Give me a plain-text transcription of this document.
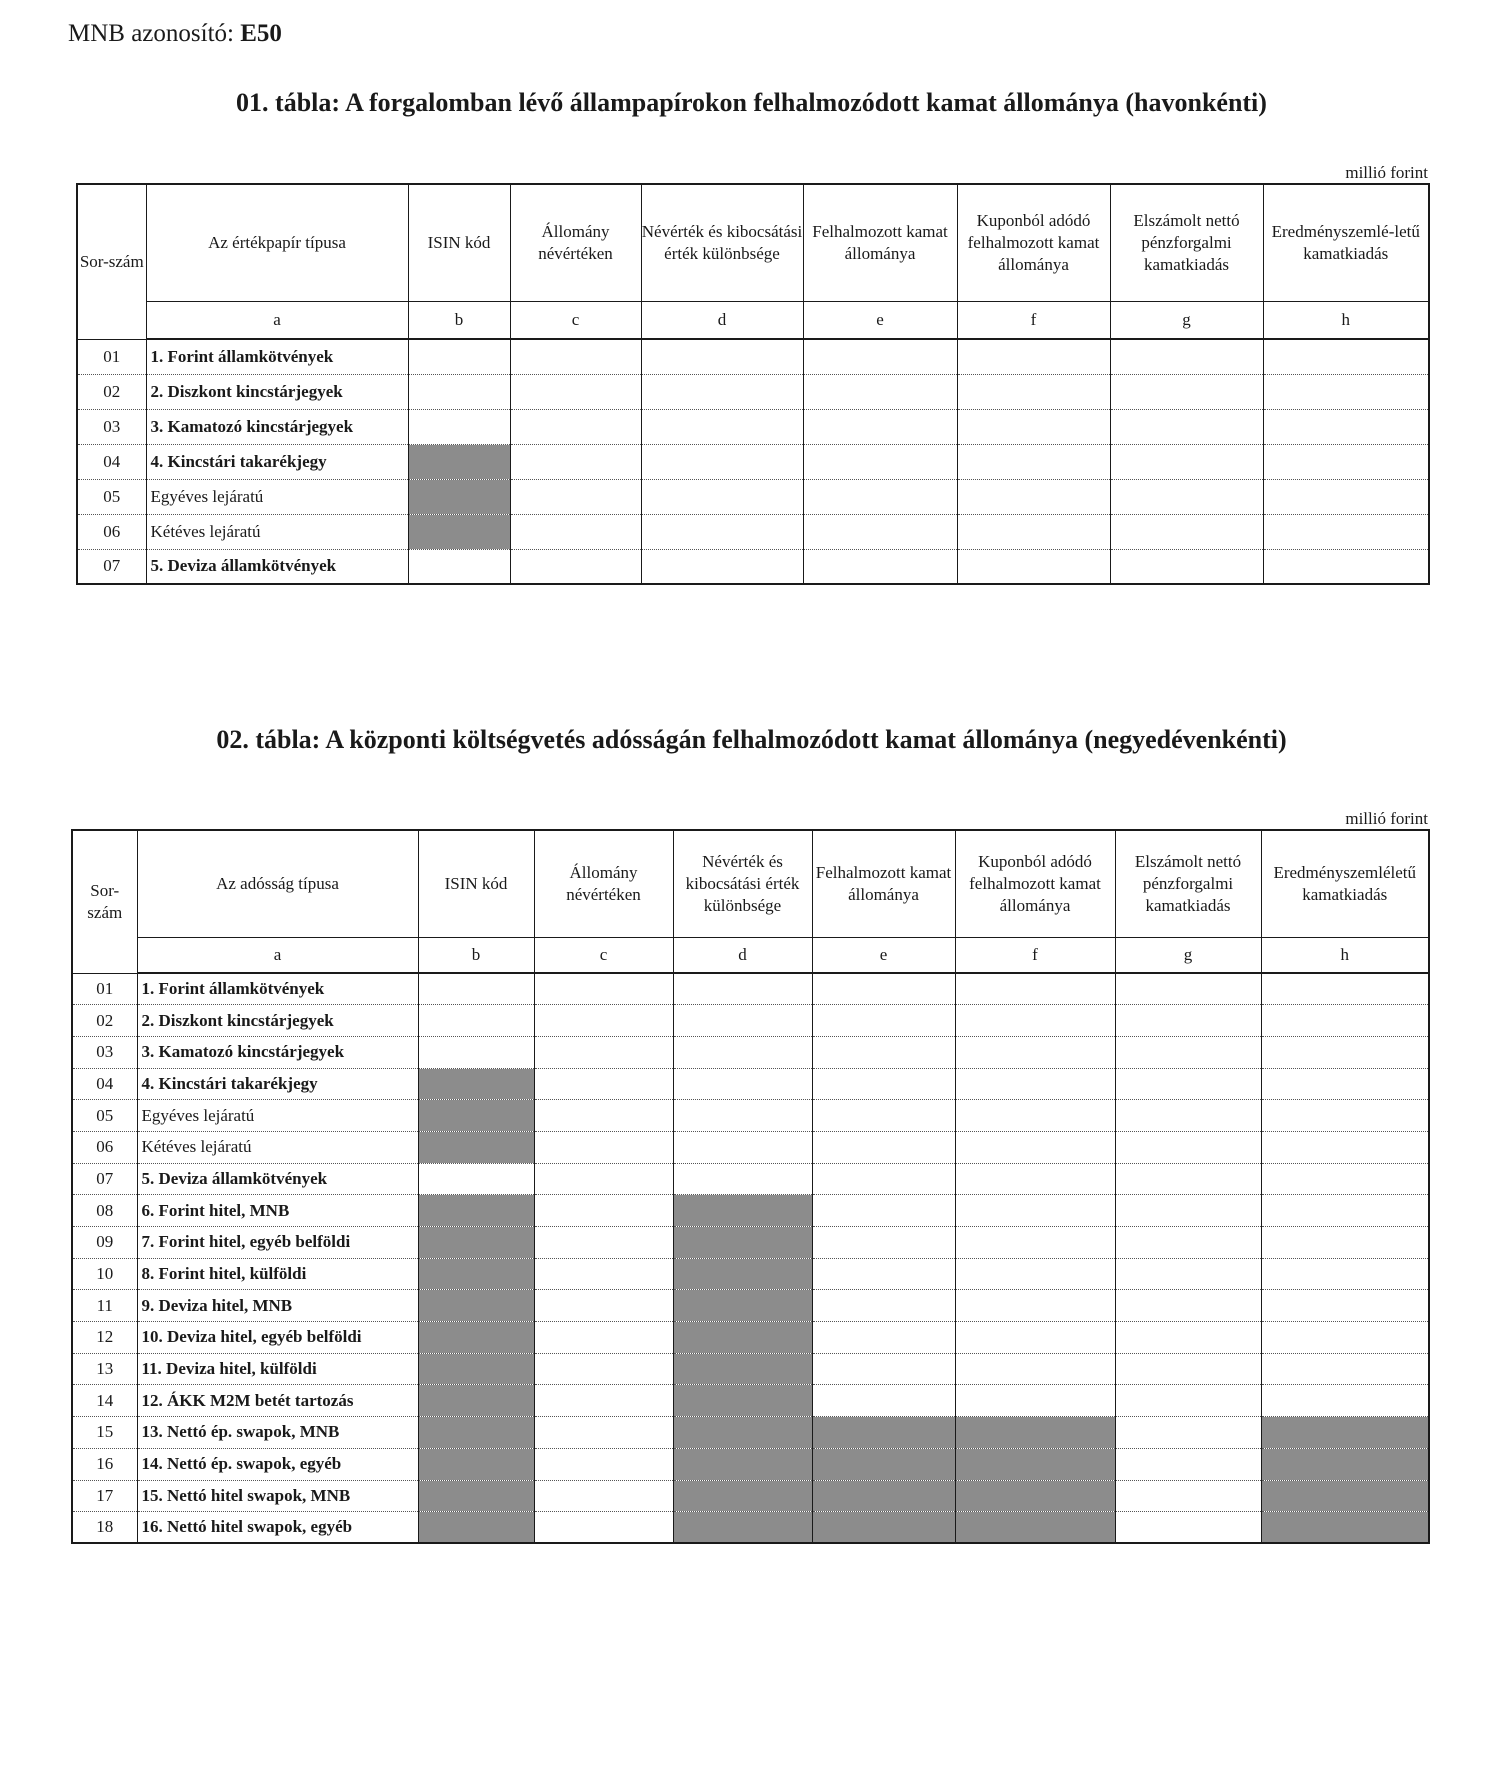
MNB azonosító: E50
01. tábla: A forgalomban lévő állampapírokon felhalmozódott kamat állománya (havonkénti)
millió forint
Sor-szám	Az értékpapír típusa	ISIN kód	Állomány névértéken	Névérték és kibocsátási érték különbsége	Felhalmozott kamat állománya	Kuponból adódó felhalmozott kamat állománya	Elszámolt nettó pénzforgalmi kamatkiadás	Eredményszemlé-letű kamatkiadás
	a	b	c	d	e	f	g	h
01	1. Forint államkötvények							
02	2. Diszkont kincstárjegyek							
03	3. Kamatozó kincstárjegyek							
04	4. Kincstári takarékjegy							
05	Egyéves lejáratú							
06	Kétéves lejáratú							
07	5. Deviza államkötvények							
02. tábla: A központi költségvetés adósságán felhalmozódott kamat állománya (negyedévenkénti)
millió forint
Sor-szám	Az adósság típusa	ISIN kód	Állomány névértéken	Névérték és kibocsátási érték különbsége	Felhalmozott kamat állománya	Kuponból adódó felhalmozott kamat állománya	Elszámolt nettó pénzforgalmi kamatkiadás	Eredményszemléletű kamatkiadás
	a	b	c	d	e	f	g	h
01	1. Forint államkötvények							
02	2. Diszkont kincstárjegyek							
03	3. Kamatozó kincstárjegyek							
04	4. Kincstári takarékjegy							
05	Egyéves lejáratú							
06	Kétéves lejáratú							
07	5. Deviza államkötvények							
08	6. Forint hitel, MNB							
09	7. Forint hitel, egyéb belföldi							
10	8. Forint hitel, külföldi							
11	9. Deviza hitel, MNB							
12	10. Deviza hitel, egyéb belföldi							
13	11. Deviza hitel, külföldi							
14	12. ÁKK M2M betét tartozás							
15	13. Nettó ép. swapok, MNB							
16	14. Nettó ép. swapok, egyéb							
17	15. Nettó hitel swapok, MNB							
18	16. Nettó hitel swapok, egyéb							
